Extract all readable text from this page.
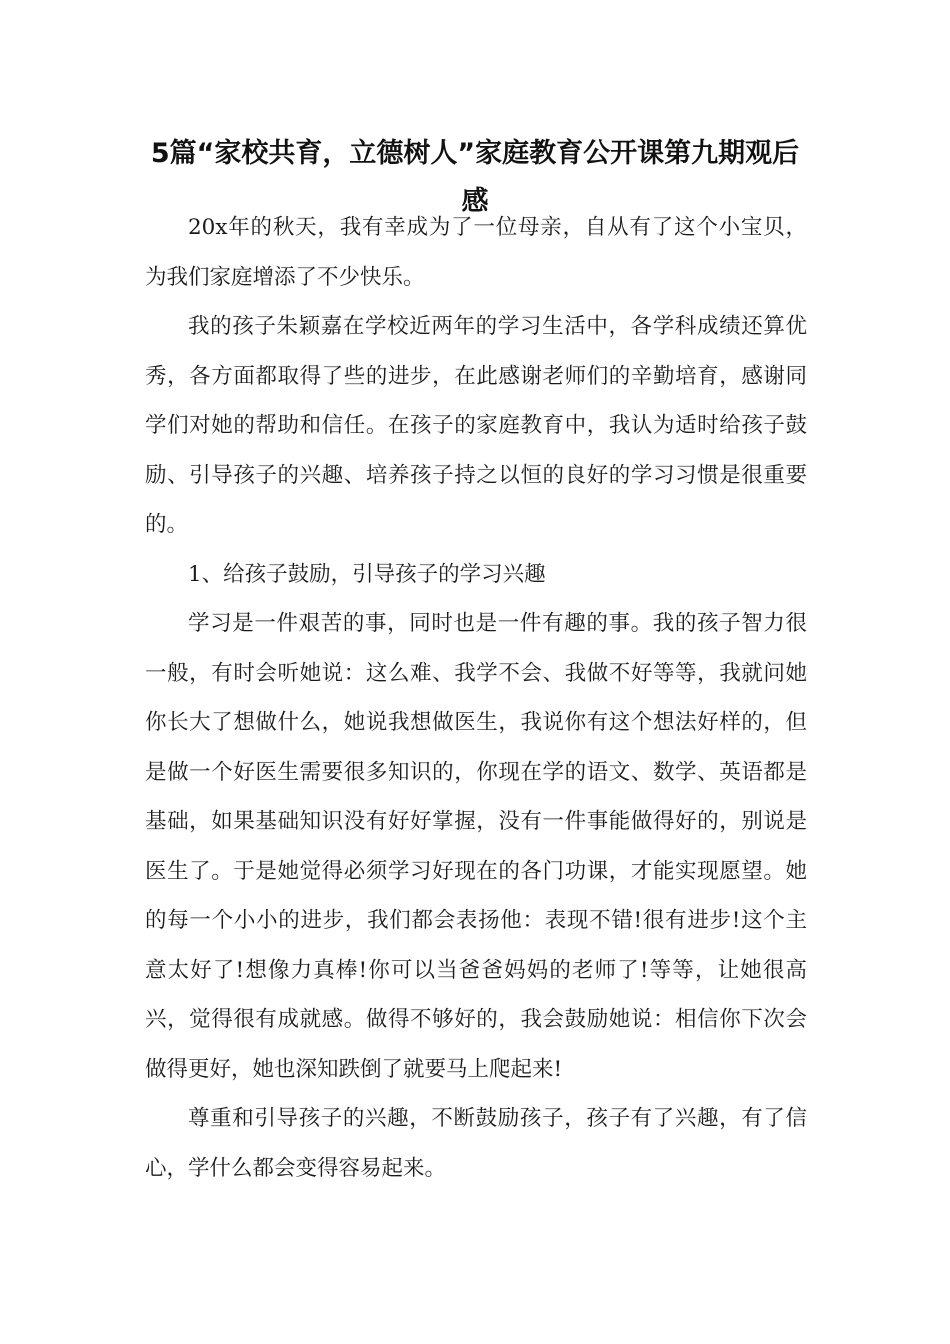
5篇“家校共育，立德树人”家庭教育公开课第九期观后感

20x年的秋天，我有幸成为了一位母亲，自从有了这个小宝贝，为我们家庭增添了不少快乐。

我的孩子朱颖嘉在学校近两年的学习生活中，各学科成绩还算优秀，各方面都取得了些的进步，在此感谢老师们的辛勤培育，感谢同学们对她的帮助和信任。在孩子的家庭教育中，我认为适时给孩子鼓励、引导孩子的兴趣、培养孩子持之以恒的良好的学习习惯是很重要的。

1、给孩子鼓励，引导孩子的学习兴趣

学习是一件艰苦的事，同时也是一件有趣的事。我的孩子智力很一般，有时会听她说：这么难、我学不会、我做不好等等，我就问她你长大了想做什么，她说我想做医生，我说你有这个想法好样的，但是做一个好医生需要很多知识的，你现在学的语文、数学、英语都是基础，如果基础知识没有好好掌握，没有一件事能做得好的，别说是医生了。于是她觉得必须学习好现在的各门功课，才能实现愿望。她的每一个小小的进步，我们都会表扬他：表现不错!很有进步!这个主意太好了!想像力真棒!你可以当爸爸妈妈的老师了!等等，让她很高兴，觉得很有成就感。做得不够好的，我会鼓励她说：相信你下次会做得更好，她也深知跌倒了就要马上爬起来!

尊重和引导孩子的兴趣，不断鼓励孩子，孩子有了兴趣，有了信心，学什么都会变得容易起来。
